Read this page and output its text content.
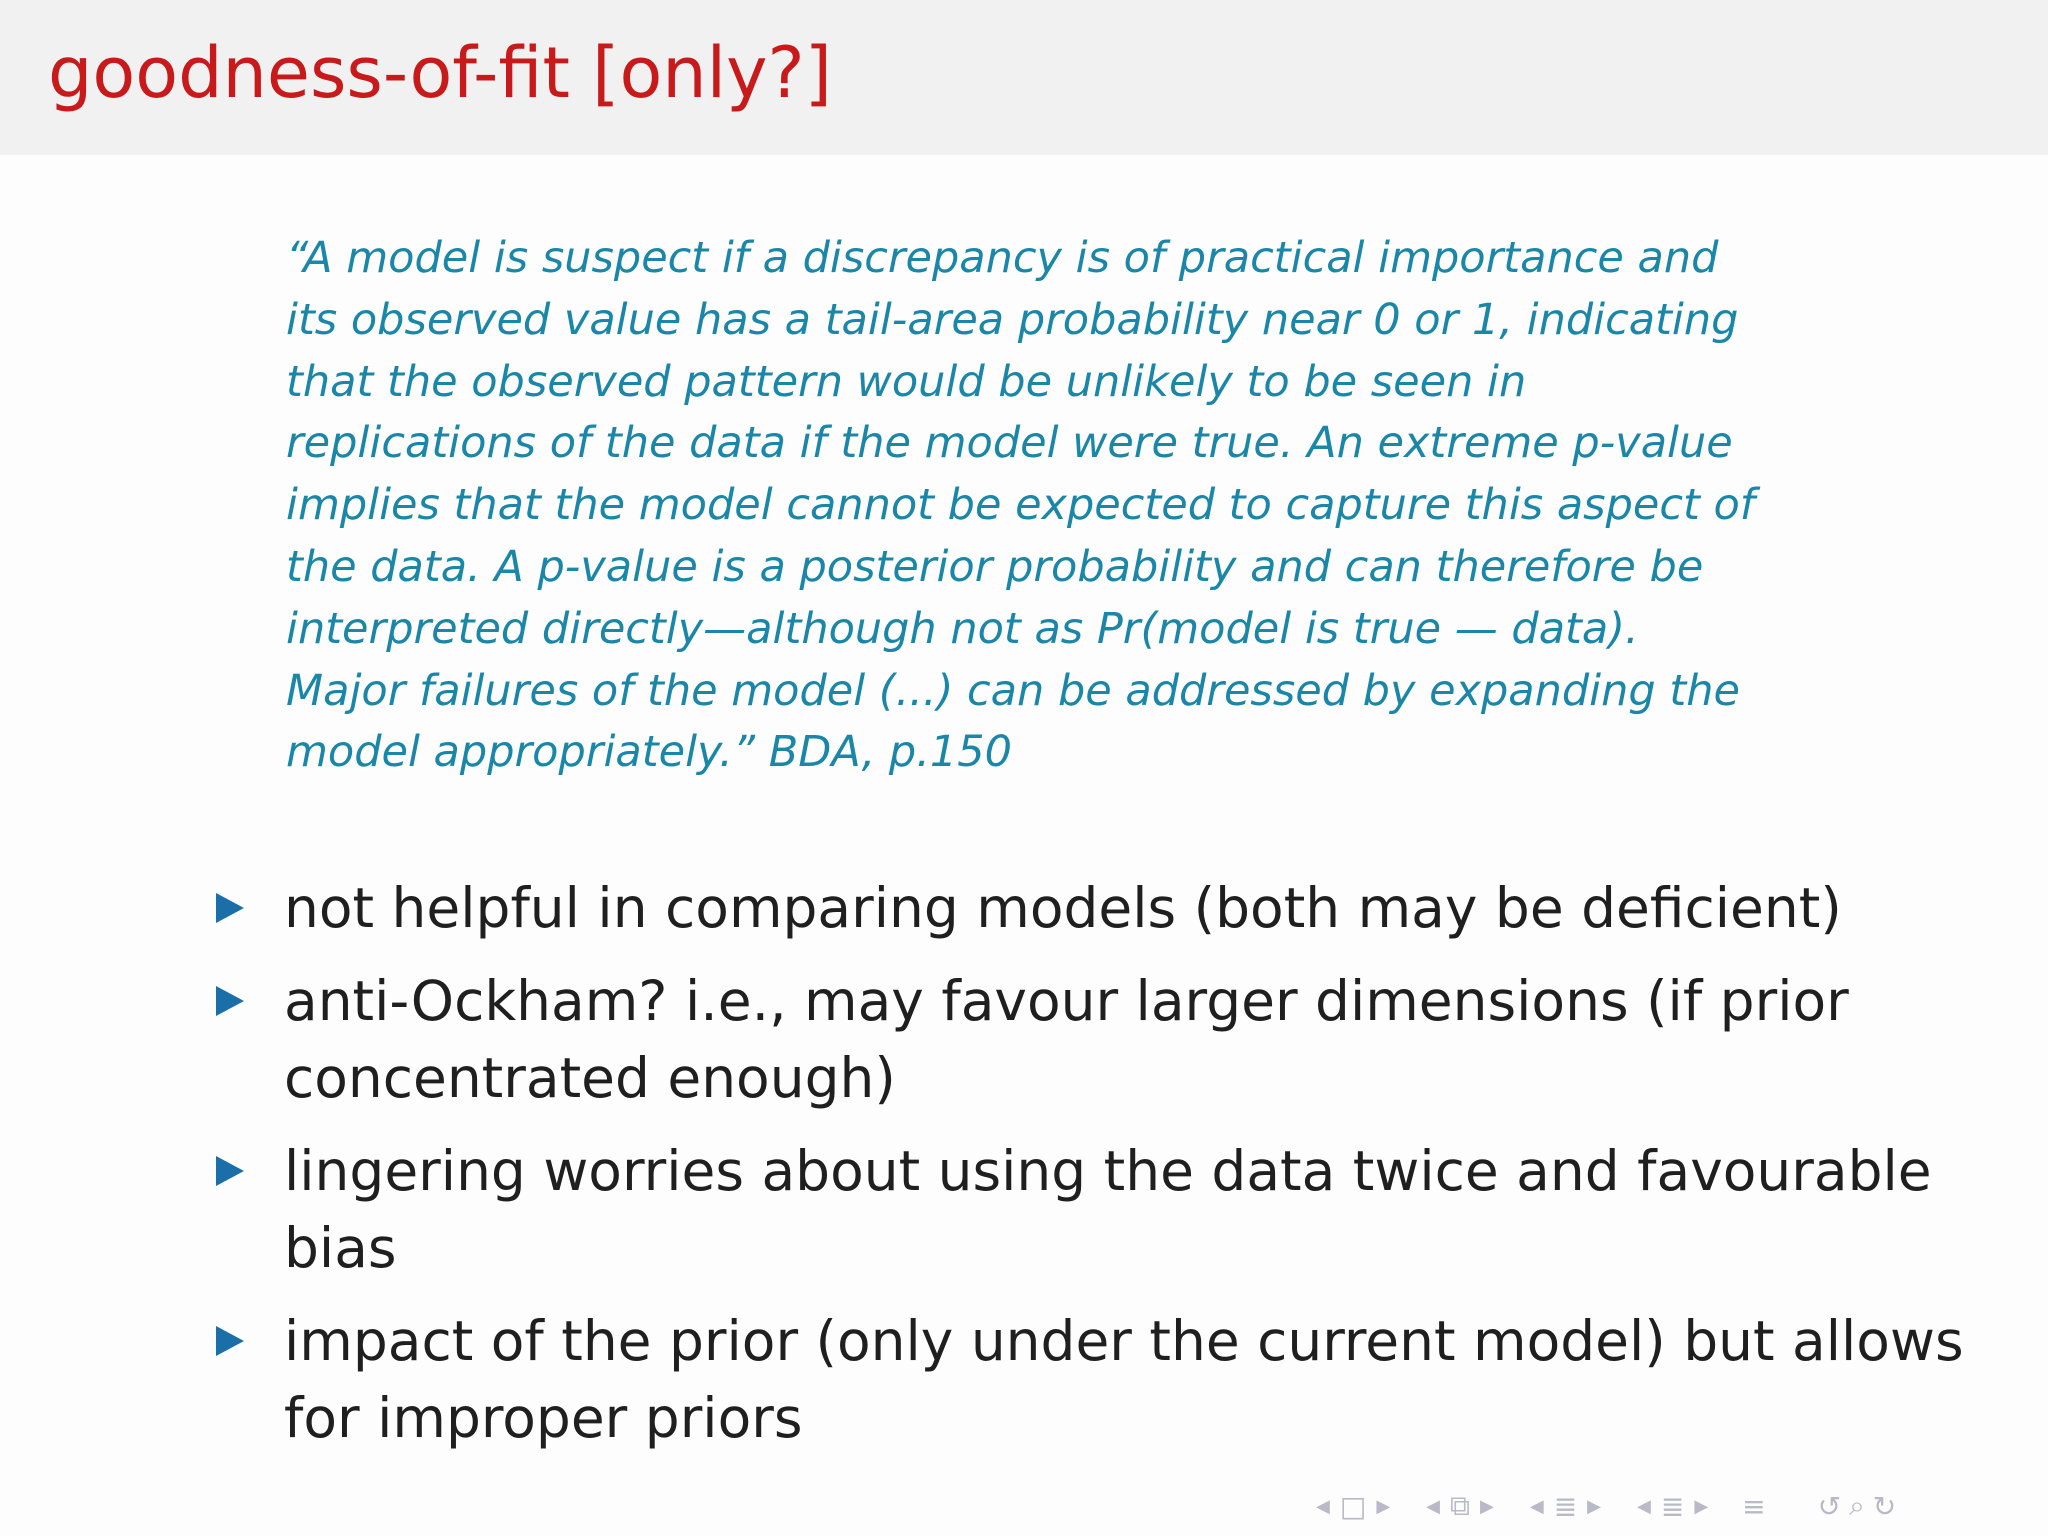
goodness-of-fit [only?]
“A model is suspect if a discrepancy is of practical importance and
its observed value has a tail-area probability near 0 or 1, indicating
that the observed pattern would be unlikely to be seen in
replications of the data if the model were true. An extreme p-value
implies that the model cannot be expected to capture this aspect of
the data. A p-value is a posterior probability and can therefore be
interpreted directly—although not as Pr(model is true — data).
Major failures of the model (...) can be addressed by expanding the
model appropriately.” BDA, p.150
not helpful in comparing models (both may be deficient)
anti-Ockham? i.e., may favour larger dimensions (if prior
concentrated enough)
lingering worries about using the data twice and favourable
bias
impact of the prior (only under the current model) but allows
for improper priors
◀ □ ▶ ◀ ⧉ ▶ ◀ ≣ ▶ ◀ ≣ ▶ ≡ ↺ ⌕ ↻
